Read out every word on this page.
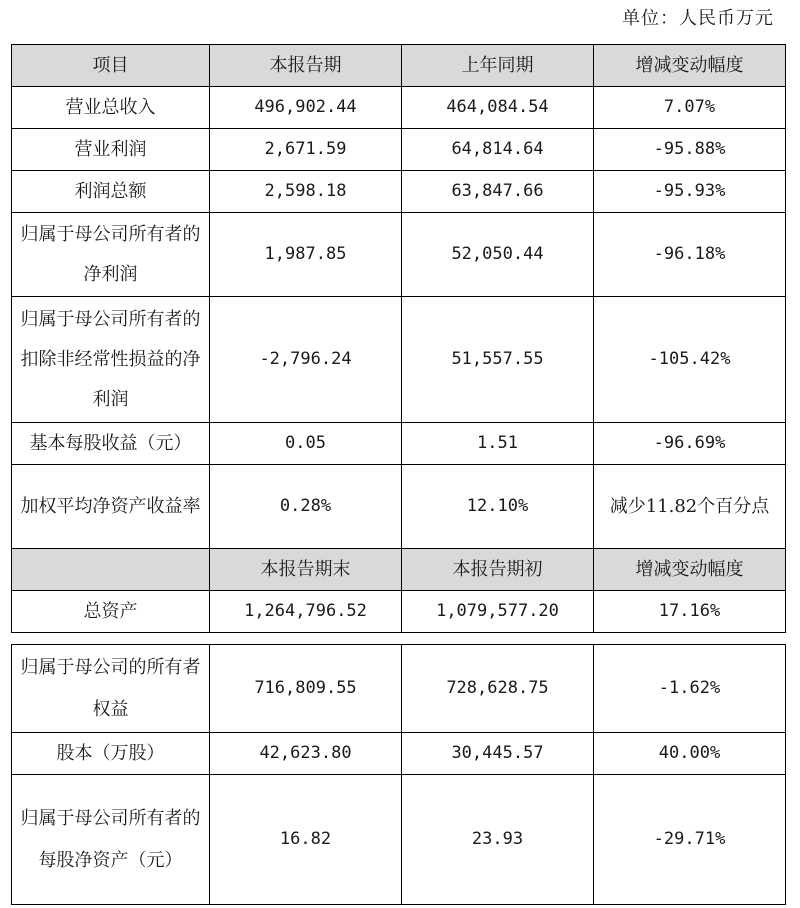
单位：人民币万元
项目	本报告期	上年同期	增减变动幅度
营业总收入	496,902.44	464,084.54	7.07%
营业利润	2,671.59	64,814.64	-95.88%
利润总额	2,598.18	63,847.66	-95.93%
归属于母公司所有者的净利润	1,987.85	52,050.44	-96.18%
归属于母公司所有者的扣除非经常性损益的净利润	-2,796.24	51,557.55	-105.42%
基本每股收益（元）	0.05	1.51	-96.69%
加权平均净资产收益率	0.28%	12.10%	减少11.82个百分点
	本报告期末	本报告期初	增减变动幅度
总资产	1,264,796.52	1,079,577.20	17.16%
归属于母公司的所有者权益	716,809.55	728,628.75	-1.62%
股本（万股）	42,623.80	30,445.57	40.00%
归属于母公司所有者的每股净资产（元）	16.82	23.93	-29.71%
